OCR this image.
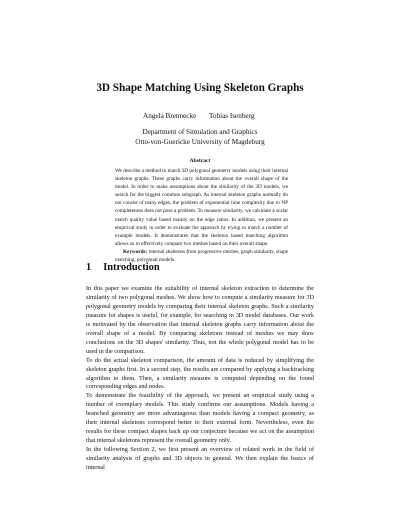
3D Shape Matching Using Skeleton Graphs
Angela Brennecke Tobias Isenberg
Department of Simulation and Graphics
Otto-von-Guericke University of Magdeburg
Abstract

We describe a method to match 3D polygonal geometry models using their internal skeleton graphs. These graphs carry information about the overall shape of the model. In order to make assumptions about the similarity of the 3D models, we search for the biggest common subgraph. As internal skeleton graphs normally do not consist of many edges, the problem of exponential time complexity due to NP completeness does not pose a problem. To measure similarity, we calculate a scalar match quality value based mainly on the edge ratios. In addition, we present an empirical study in order to evaluate the approach by trying to match a number of example models. It demonstrates that the skeleton based matching algorithm allows us to effectively compare two meshes based on their overall shape.

Keywords: internal skeletons from progressive meshes, graph similarity, shape matching, polygonal models.

1 Introduction

In this paper we examine the suitability of internal skeleton extraction to determine the similarity of two polygonal meshes. We show how to compute a similarity measure for 3D polygonal geometry models by comparing their internal skeleton graphs. Such a similarity measure for shapes is useful, for example, for searching in 3D model databases. Our work is motivated by the observation that internal skeleton graphs carry information about the overall shape of a model. By comparing skeletons instead of meshes we may draw conclusions on the 3D shapes' similarity. Thus, not the whole polygonal model has to be used in the comparison.

To do the actual skeleton comparison, the amount of data is reduced by simplifying the skeleton graphs first. In a second step, the results are compared by applying a backtracking algorithm to them. Then, a similarity measure is computed depending on the found corresponding edges and nodes.

To demonstrate the feasibility of the approach, we present an empirical study using a number of exemplary models. This study confirms our assumptions. Models having a branched geometry are more advantageous than models having a compact geometry, as their internal skeletons correspond better to their external form. Nevertheless, even the results for these compact shapes back up our conjecture because we act on the assumption that internal skeletons represent the overall geometry only.

In the following Section 2, we first present an overview of related work in the field of similarity analysis of graphs and 3D objects in general. We then explain the basics of internal
